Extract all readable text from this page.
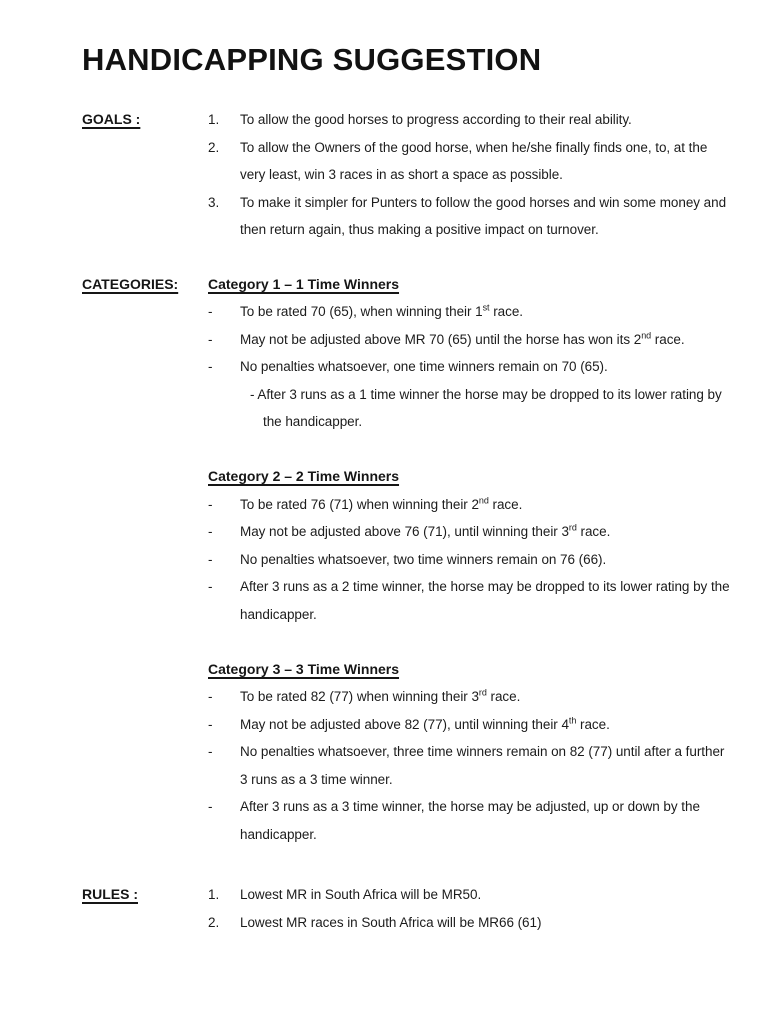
HANDICAPPING SUGGESTION
GOALS :	1.	To allow the good horses to progress according to their real ability.
2.	To allow the Owners of the good horse, when he/she finally finds one, to, at the very least, win 3 races in as short a space as possible.
3.	To make it simpler for Punters to follow the good horses and win some money and then return again, thus making a positive impact on turnover.
CATEGORIES:	Category 1 – 1 Time Winners
-	To be rated 70 (65), when winning their 1st race.
-	May not be adjusted above MR 70 (65) until the horse has won its 2nd race.
-	No penalties whatsoever, one time winners remain on 70 (65).
- After 3 runs as a 1 time winner the horse may be dropped to its lower rating by the handicapper.
Category 2 – 2 Time Winners
-	To be rated 76 (71) when winning their 2nd race.
-	May not be adjusted above 76 (71), until winning their 3rd race.
-	No penalties whatsoever, two time winners remain on 76 (66).
-	After 3 runs as a 2 time winner, the horse may be dropped to its lower rating by the handicapper.
Category 3 – 3 Time Winners
-	To be rated 82 (77) when winning their 3rd race.
-	May not be adjusted above 82 (77), until winning their 4th race.
-	No penalties whatsoever, three time winners remain on 82 (77) until after a further 3 runs as a 3 time winner.
-	After 3 runs as a 3 time winner, the horse may be adjusted, up or down by the handicapper.
RULES :	1.	Lowest MR in South Africa will be MR50.
2.	Lowest MR races in South Africa will be MR66 (61)
